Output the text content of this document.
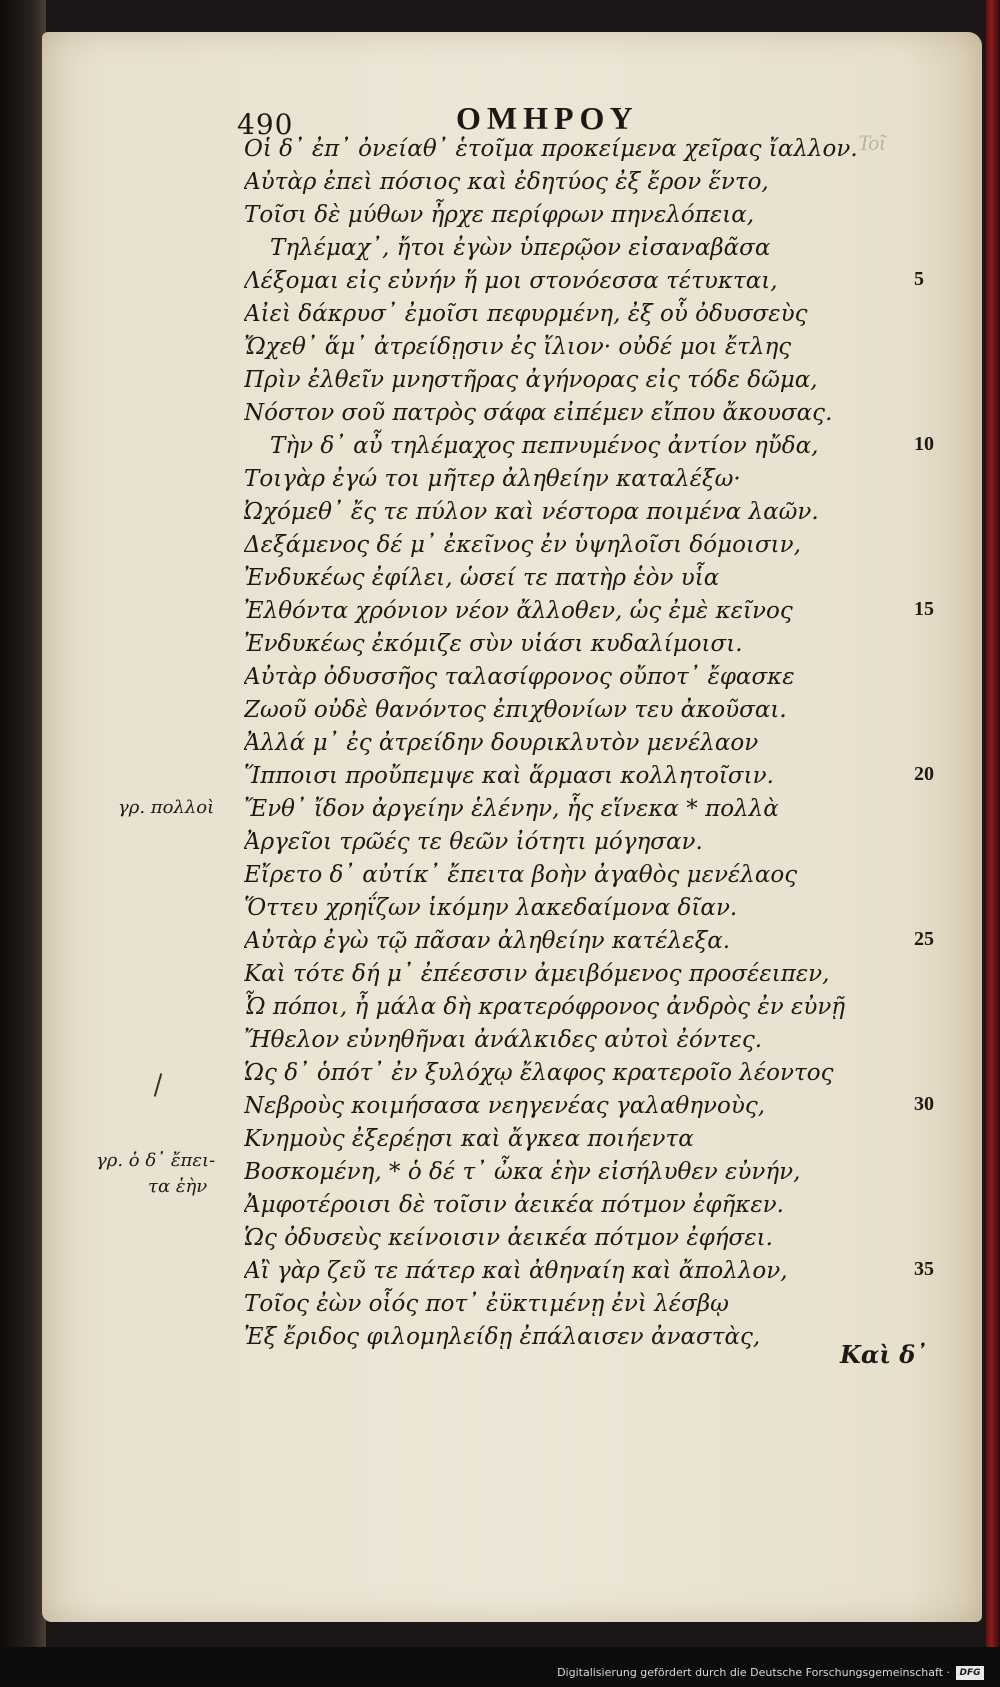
490	ΟΜΗΡΟΥ
Τοῖ
Οἱ δ᾽ ἐπ᾽ ὀνείαθ᾽ ἑτοῖμα προκείμενα χεῖρας ἴαλλον.
Αὐτὰρ ἐπεὶ πόσιος καὶ ἐδητύος ἐξ ἔρον ἕντο,
Τοῖσι δὲ μύθων ἦρχε περίφρων πηνελόπεια,
Τηλέμαχ᾽, ἤτοι ἐγὼν ὑπερῷον εἰσαναβᾶσα
Λέξομαι εἰς εὐνήν ἥ μοι στονόεσσα τέτυκται,
Αἰεὶ δάκρυσ᾽ ἐμοῖσι πεφυρμένη, ἐξ οὗ ὀδυσσεὺς
Ὤχεθ᾽ ἅμ᾽ ἀτρείδῃσιν ἐς ἴλιον· οὐδέ μοι ἔτλης
Πρὶν ἐλθεῖν μνηστῆρας ἀγήνορας εἰς τόδε δῶμα,
Νόστον σοῦ πατρὸς σάφα εἰπέμεν εἴπου ἄκουσας.
Τὴν δ᾽ αὖ τηλέμαχος πεπνυμένος ἀντίον ηὔδα,
Τοιγὰρ ἐγώ τοι μῆτερ ἀληθείην καταλέξω·
Ὠχόμεθ᾽ ἔς τε πύλον καὶ νέστορα ποιμένα λαῶν.
Δεξάμενος δέ μ᾽ ἐκεῖνος ἐν ὑψηλοῖσι δόμοισιν,
Ἐνδυκέως ἐφίλει, ὡσεί τε πατὴρ ἑὸν υἷα
Ἐλθόντα χρόνιον νέον ἄλλοθεν, ὡς ἐμὲ κεῖνος
Ἐνδυκέως ἐκόμιζε σὺν υἱάσι κυδαλίμοισι.
Αὐτὰρ ὀδυσσῆος ταλασίφρονος οὔποτ᾽ ἔφασκε
Ζωοῦ οὐδὲ θανόντος ἐπιχθονίων τευ ἀκοῦσαι.
Ἀλλά μ᾽ ἐς ἀτρείδην δουρικλυτὸν μενέλαον
Ἵπποισι προὔπεμψε καὶ ἅρμασι κολλητοῖσιν.
Ἔνθ᾽ ἴδον ἀργείην ἑλένην, ἧς εἵνεκα * πολλὰ
Ἀργεῖοι τρῶές τε θεῶν ἰότητι μόγησαν.
Εἴρετο δ᾽ αὐτίκ᾽ ἔπειτα βοὴν ἀγαθὸς μενέλαος
Ὅττευ χρηΐζων ἱκόμην λακεδαίμονα δῖαν.
Αὐτὰρ ἐγὼ τῷ πᾶσαν ἀληθείην κατέλεξα.
Καὶ τότε δή μ᾽ ἐπέεσσιν ἀμειβόμενος προσέειπεν,
Ὦ πόποι, ἦ μάλα δὴ κρατερόφρονος ἀνδρὸς ἐν εὐνῇ
Ἤθελον εὐνηθῆναι ἀνάλκιδες αὐτοὶ ἐόντες.
Ὡς δ᾽ ὁπότ᾽ ἐν ξυλόχῳ ἔλαφος κρατεροῖο λέοντος
Νεβροὺς κοιμήσασα νεηγενέας γαλαθηνοὺς,
Κνημοὺς ἐξερέῃσι καὶ ἄγκεα ποιήεντα
Βοσκομένη, * ὁ δέ τ᾽ ὦκα ἑὴν εἰσήλυθεν εὐνήν,
Ἀμφοτέροισι δὲ τοῖσιν ἀεικέα πότμον ἐφῆκεν.
Ὡς ὀδυσεὺς κείνοισιν ἀεικέα πότμον ἐφήσει.
Αἲ γὰρ ζεῦ τε πάτερ καὶ ἀθηναίη καὶ ἄπολλον,
Τοῖος ἐὼν οἷός ποτ᾽ ἐϋκτιμένῃ ἐνὶ λέσβῳ
Ἐξ ἔριδος φιλομηλείδῃ ἐπάλαισεν ἀναστὰς,
5
10
15
20
25
30
35
γρ. πολλοὶ
γρ. ὁ δ᾽ ἔπει-
τα ἑὴν
Καὶ δ᾽
Digitalisierung gefördert durch die Deutsche Forschungsgemeinschaft ·	DFG
